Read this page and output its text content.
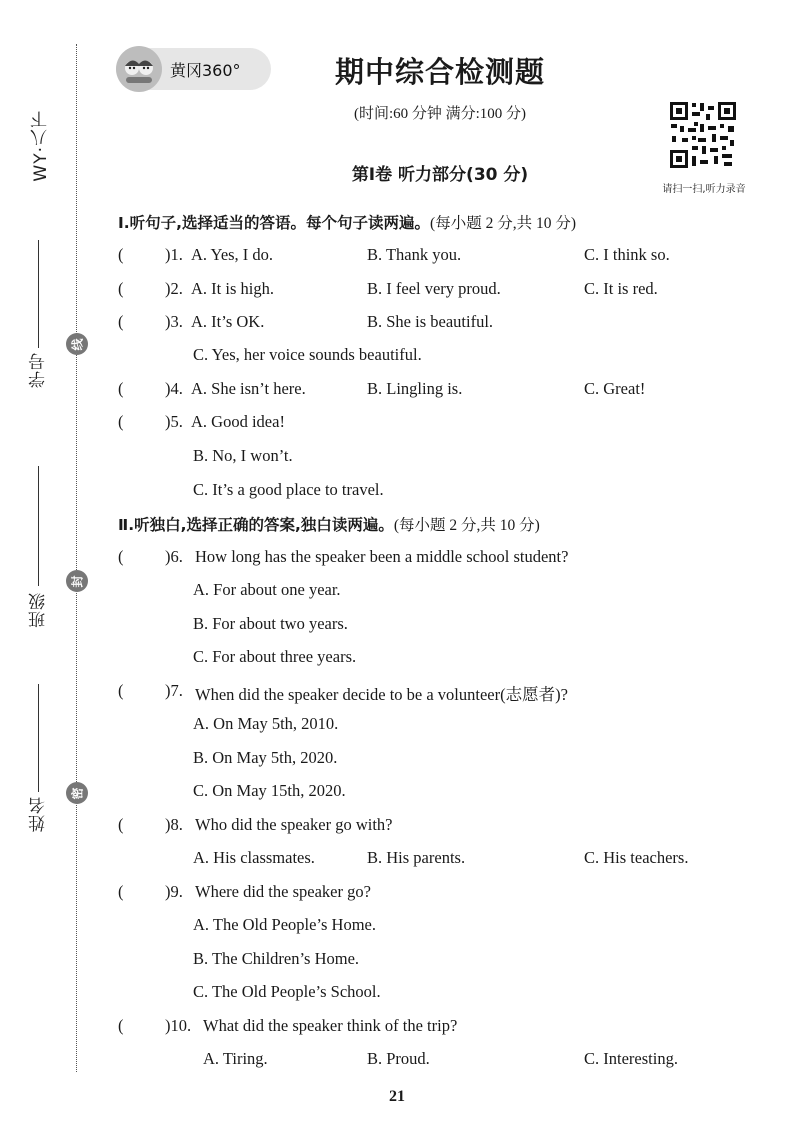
WY·八下
学号
班级
姓名
线
封
密
黄冈360°	期中综合检测题
(时间:60 分钟 满分:100 分)
第Ⅰ卷 听力部分(30 分)
请扫一扫,听力录音
Ⅰ.听句子,选择适当的答语。每个句子读两遍。(每小题 2 分,共 10 分)
(	)1. A. Yes, I do.	B. Thank you.	C. I think so.
(	)2. A. It is high.	B. I feel very proud.	C. It is red.
(	)3. A. It’s OK.	B. She is beautiful.
C. Yes, her voice sounds beautiful.
(	)4. A. She isn’t here.	B. Lingling is.	C. Great!
(	)5. A. Good idea!
B. No, I won’t.
C. It’s a good place to travel.
Ⅱ.听独白,选择正确的答案,独白读两遍。(每小题 2 分,共 10 分)
(	)6. How long has the speaker been a middle school student?
A. For about one year.
B. For about two years.
C. For about three years.
(	)7. When did the speaker decide to be a volunteer(志愿者)?
A. On May 5th, 2010.
B. On May 5th, 2020.
C. On May 15th, 2020.
(	)8. Who did the speaker go with?
A. His classmates.	B. His parents.	C. His teachers.
(	)9. Where did the speaker go?
A. The Old People’s Home.
B. The Children’s Home.
C. The Old People’s School.
(	)10. What did the speaker think of the trip?
A. Tiring.	B. Proud.	C. Interesting.
21
